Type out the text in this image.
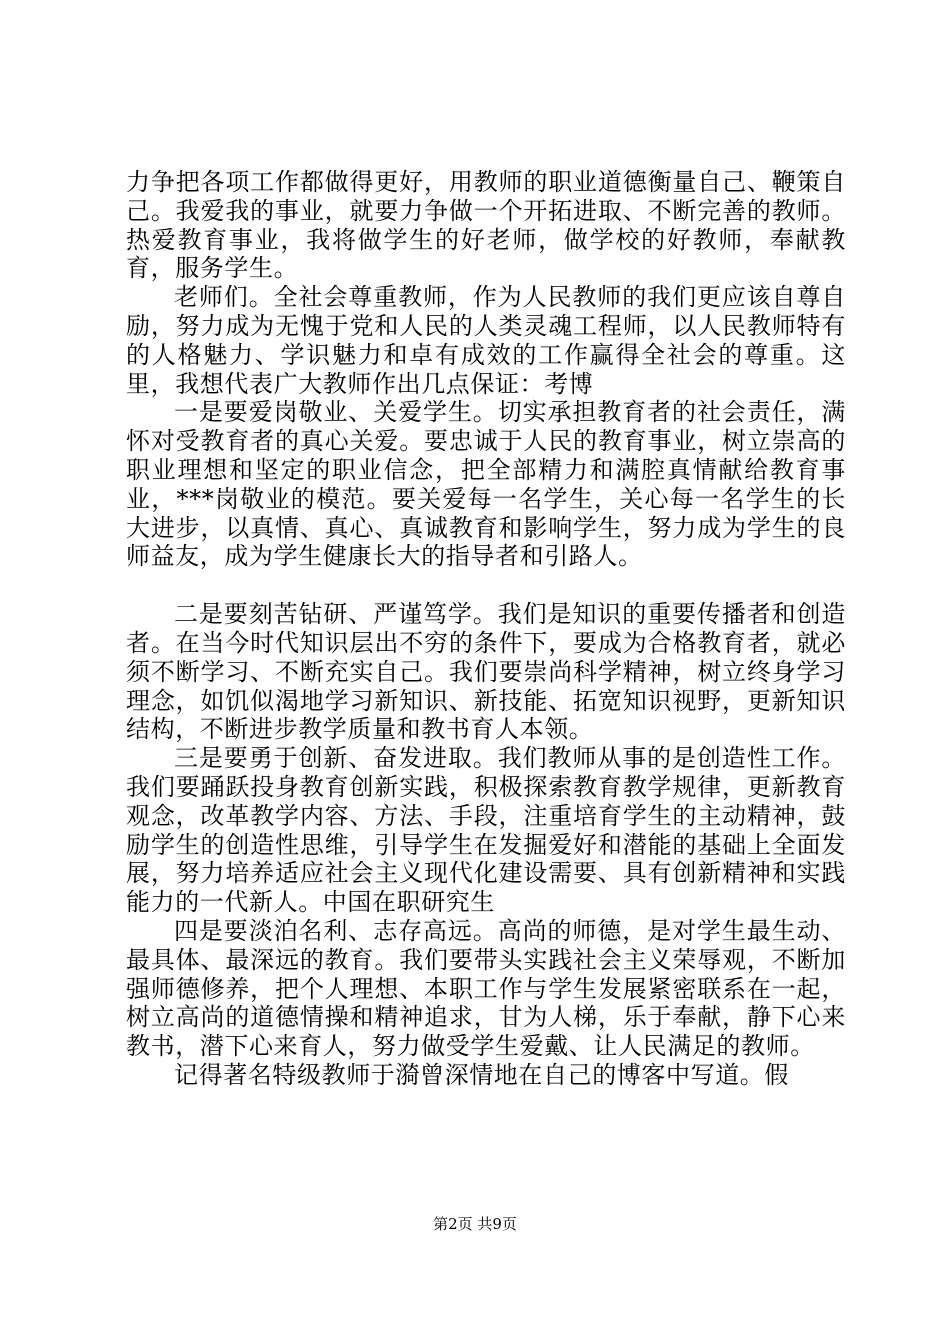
力争把各项工作都做得更好，用教师的职业道德衡量自己、鞭策自己。我爱我的事业，就要力争做一个开拓进取、不断完善的教师。热爱教育事业，我将做学生的好老师，做学校的好教师，奉献教育，服务学生。

老师们。全社会尊重教师，作为人民教师的我们更应该自尊自励，努力成为无愧于党和人民的人类灵魂工程师，以人民教师特有的人格魅力、学识魅力和卓有成效的工作赢得全社会的尊重。这里，我想代表广大教师作出几点保证：考博

一是要爱岗敬业、关爱学生。切实承担教育者的社会责任，满怀对受教育者的真心关爱。要忠诚于人民的教育事业，树立崇高的职业理想和坚定的职业信念，把全部精力和满腔真情献给教育事业，***岗敬业的模范。要关爱每一名学生，关心每一名学生的长大进步，以真情、真心、真诚教育和影响学生，努力成为学生的良师益友，成为学生健康长大的指导者和引路人。

二是要刻苦钻研、严谨笃学。我们是知识的重要传播者和创造者。在当今时代知识层出不穷的条件下，要成为合格教育者，就必须不断学习、不断充实自己。我们要崇尚科学精神，树立终身学习理念，如饥似渴地学习新知识、新技能、拓宽知识视野，更新知识结构，不断进步教学质量和教书育人本领。

三是要勇于创新、奋发进取。我们教师从事的是创造性工作。我们要踊跃投身教育创新实践，积极探索教育教学规律，更新教育观念，改革教学内容、方法、手段，注重培育学生的主动精神，鼓励学生的创造性思维，引导学生在发掘爱好和潜能的基础上全面发展，努力培养适应社会主义现代化建设需要、具有创新精神和实践能力的一代新人。中国在职研究生

四是要淡泊名利、志存高远。高尚的师德，是对学生最生动、最具体、最深远的教育。我们要带头实践社会主义荣辱观，不断加强师德修养，把个人理想、本职工作与学生发展紧密联系在一起，树立高尚的道德情操和精神追求，甘为人梯，乐于奉献，静下心来教书，潜下心来育人，努力做受学生爱戴、让人民满足的教师。

记得著名特级教师于漪曾深情地在自己的博客中写道。假

第2页 共9页
